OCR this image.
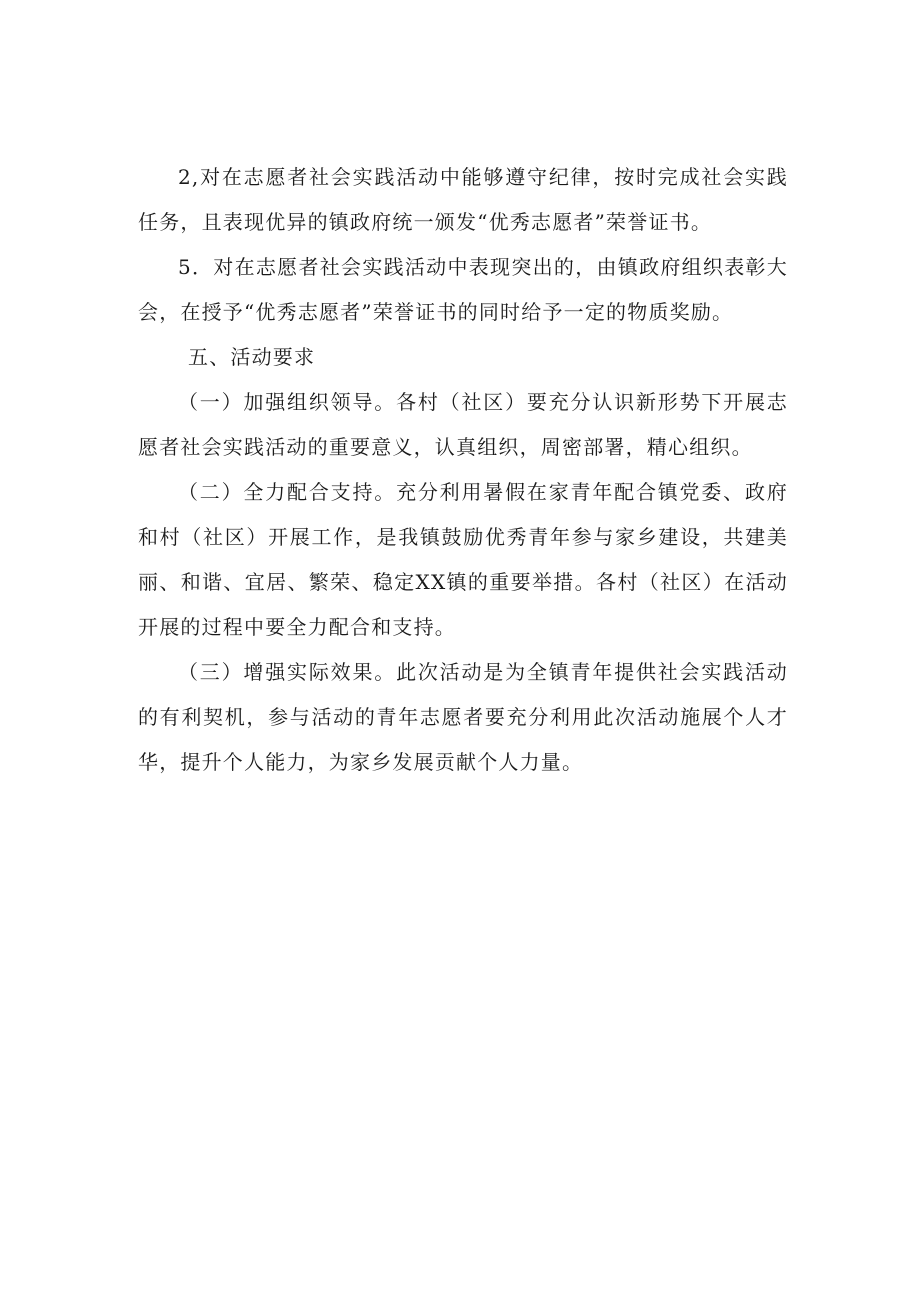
2,对在志愿者社会实践活动中能够遵守纪律，按时完成社会实践任务，且表现优异的镇政府统一颁发“优秀志愿者”荣誉证书。

5．对在志愿者社会实践活动中表现突出的，由镇政府组织表彰大会，在授予“优秀志愿者”荣誉证书的同时给予一定的物质奖励。

五、活动要求

（一）加强组织领导。各村（社区）要充分认识新形势下开展志愿者社会实践活动的重要意义，认真组织，周密部署，精心组织。

（二）全力配合支持。充分利用暑假在家青年配合镇党委、政府和村（社区）开展工作，是我镇鼓励优秀青年参与家乡建设，共建美丽、和谐、宜居、繁荣、稳定XX镇的重要举措。各村（社区）在活动开展的过程中要全力配合和支持。

（三）增强实际效果。此次活动是为全镇青年提供社会实践活动的有利契机，参与活动的青年志愿者要充分利用此次活动施展个人才华，提升个人能力，为家乡发展贡献个人力量。
